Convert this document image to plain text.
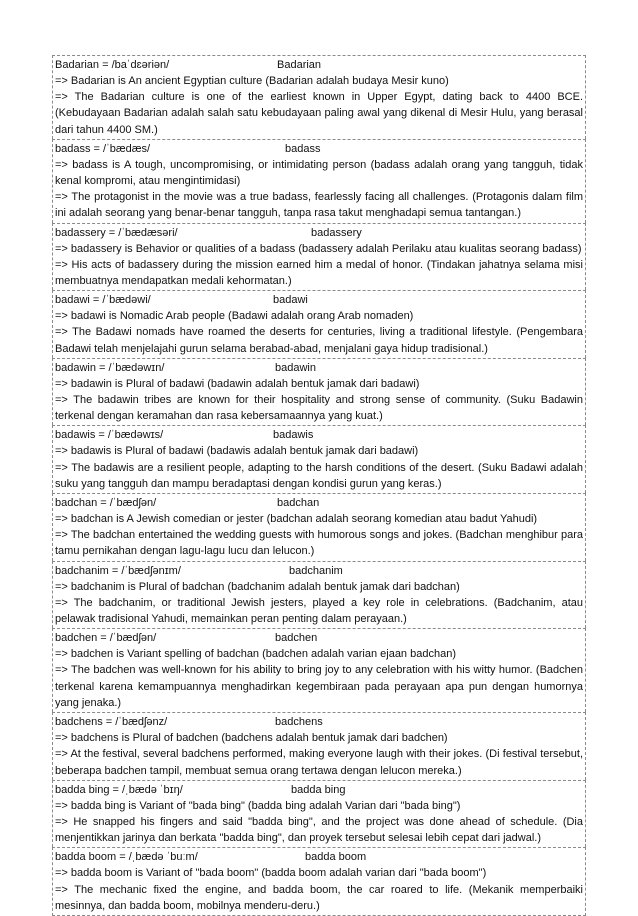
Badarian = /baˈdɛəriən/	Badarian
=> Badarian is An ancient Egyptian culture (Badarian adalah budaya Mesir kuno)
=> The Badarian culture is one of the earliest known in Upper Egypt, dating back to 4400 BCE. (Kebudayaan Badarian adalah salah satu kebudayaan paling awal yang dikenal di Mesir Hulu, yang berasal dari tahun 4400 SM.)
badass = /ˈbædæs/	badass
=> badass is A tough, uncompromising, or intimidating person (badass adalah orang yang tangguh, tidak kenal kompromi, atau mengintimidasi)
=> The protagonist in the movie was a true badass, fearlessly facing all challenges. (Protagonis dalam film ini adalah seorang yang benar-benar tangguh, tanpa rasa takut menghadapi semua tantangan.)
badassery = /ˈbædæsəri/	badassery
=> badassery is Behavior or qualities of a badass (badassery adalah Perilaku atau kualitas seorang badass)
=> His acts of badassery during the mission earned him a medal of honor. (Tindakan jahatnya selama misi membuatnya mendapatkan medali kehormatan.)
badawi = /ˈbædəwi/	badawi
=> badawi is Nomadic Arab people (Badawi adalah orang Arab nomaden)
=> The Badawi nomads have roamed the deserts for centuries, living a traditional lifestyle. (Pengembara Badawi telah menjelajahi gurun selama berabad-abad, menjalani gaya hidup tradisional.)
badawin = /ˈbædəwɪn/	badawin
=> badawin is Plural of badawi (badawin adalah bentuk jamak dari badawi)
=> The badawin tribes are known for their hospitality and strong sense of community. (Suku Badawin terkenal dengan keramahan dan rasa kebersamaannya yang kuat.)
badawis = /ˈbædəwɪs/	badawis
=> badawis is Plural of badawi (badawis adalah bentuk jamak dari badawi)
=> The badawis are a resilient people, adapting to the harsh conditions of the desert. (Suku Badawi adalah suku yang tangguh dan mampu beradaptasi dengan kondisi gurun yang keras.)
badchan = /ˈbædʃən/	badchan
=> badchan is A Jewish comedian or jester (badchan adalah seorang komedian atau badut Yahudi)
=> The badchan entertained the wedding guests with humorous songs and jokes. (Badchan menghibur para tamu pernikahan dengan lagu-lagu lucu dan lelucon.)
badchanim = /ˈbædʃənɪm/	badchanim
=> badchanim is Plural of badchan (badchanim adalah bentuk jamak dari badchan)
=> The badchanim, or traditional Jewish jesters, played a key role in celebrations. (Badchanim, atau pelawak tradisional Yahudi, memainkan peran penting dalam perayaan.)
badchen = /ˈbædʃən/	badchen
=> badchen is Variant spelling of badchan (badchen adalah varian ejaan badchan)
=> The badchen was well-known for his ability to bring joy to any celebration with his witty humor. (Badchen terkenal karena kemampuannya menghadirkan kegembiraan pada perayaan apa pun dengan humornya yang jenaka.)
badchens = /ˈbædʃənz/	badchens
=> badchens is Plural of badchen (badchens adalah bentuk jamak dari badchen)
=> At the festival, several badchens performed, making everyone laugh with their jokes. (Di festival tersebut, beberapa badchen tampil, membuat semua orang tertawa dengan lelucon mereka.)
badda bing = /ˌbædə ˈbɪŋ/	badda bing
=> badda bing is Variant of "bada bing" (badda bing adalah Varian dari "bada bing")
=> He snapped his fingers and said "badda bing", and the project was done ahead of schedule. (Dia menjentikkan jarinya dan berkata "badda bing", dan proyek tersebut selesai lebih cepat dari jadwal.)
badda boom = /ˌbædə ˈbuːm/	badda boom
=> badda boom is Variant of "bada boom" (badda boom adalah varian dari "bada boom")
=> The mechanic fixed the engine, and badda boom, the car roared to life. (Mekanik memperbaiki mesinnya, dan badda boom, mobilnya menderu-deru.)
